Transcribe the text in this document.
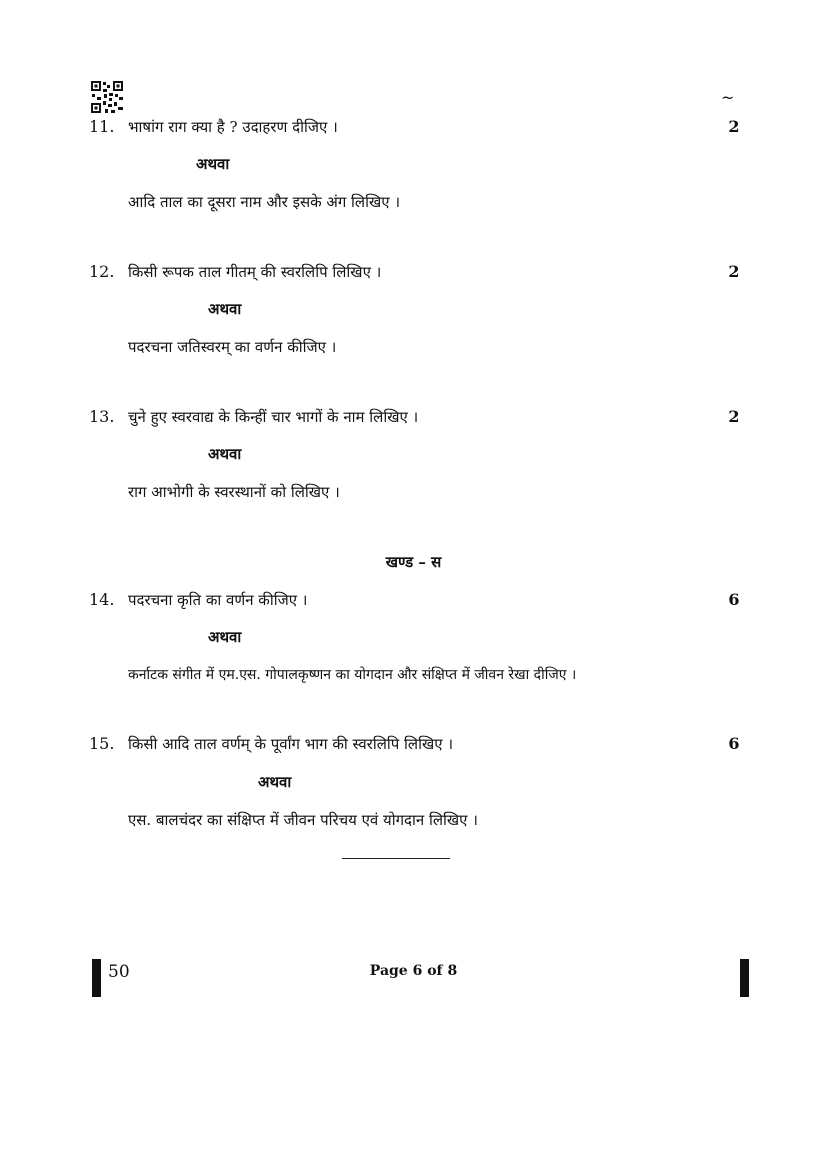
~
11. भाषांग राग क्या है ? उदाहरण दीजिए ।	2
अथवा
आदि ताल का दूसरा नाम और इसके अंग लिखिए ।
12. किसी रूपक ताल गीतम् की स्वरलिपि लिखिए ।	2
अथवा
पदरचना जतिस्वरम् का वर्णन कीजिए ।
13. चुने हुए स्वरवाद्य के किन्हीं चार भागों के नाम लिखिए ।	2
अथवा
राग आभोगी के स्वरस्थानों को लिखिए ।
खण्ड – स
14. पदरचना कृति का वर्णन कीजिए ।	6
अथवा
कर्नाटक संगीत में एम.एस. गोपालकृष्णन का योगदान और संक्षिप्त में जीवन रेखा दीजिए ।
15. किसी आदि ताल वर्णम् के पूर्वांग भाग की स्वरलिपि लिखिए ।	6
अथवा
एस. बालचंदर का संक्षिप्त में जीवन परिचय एवं योगदान लिखिए ।
50	Page 6 of 8
